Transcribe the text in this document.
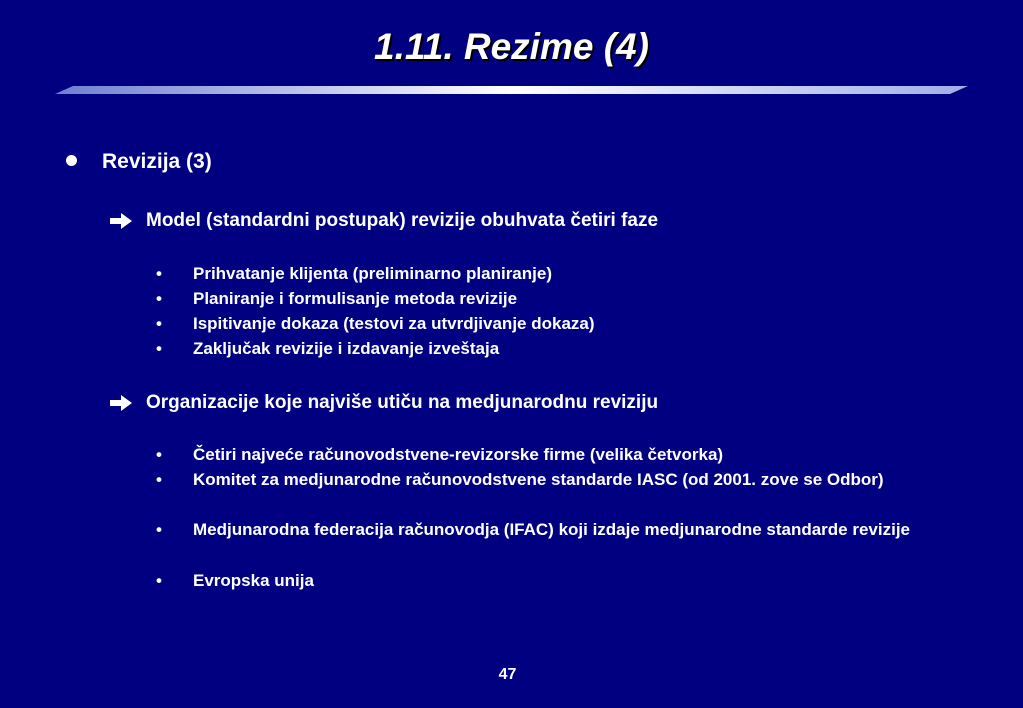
1.11. Rezime (4)
Revizija (3)
Model (standardni postupak) revizije obuhvata četiri faze
•	Prihvatanje klijenta (preliminarno planiranje)
•	Planiranje i formulisanje metoda revizije
•	Ispitivanje dokaza (testovi za utvrdjivanje dokaza)
•	Zaključak revizije i izdavanje izveštaja
Organizacije koje najviše utiču na medjunarodnu reviziju
•	Četiri najveće računovodstvene-revizorske firme (velika četvorka)
•	Komitet za medjunarodne računovodstvene standarde IASC (od 2001. zove se Odbor)
•	Medjunarodna federacija računovodja (IFAC) koji izdaje medjunarodne standarde revizije
•	Evropska unija
47
